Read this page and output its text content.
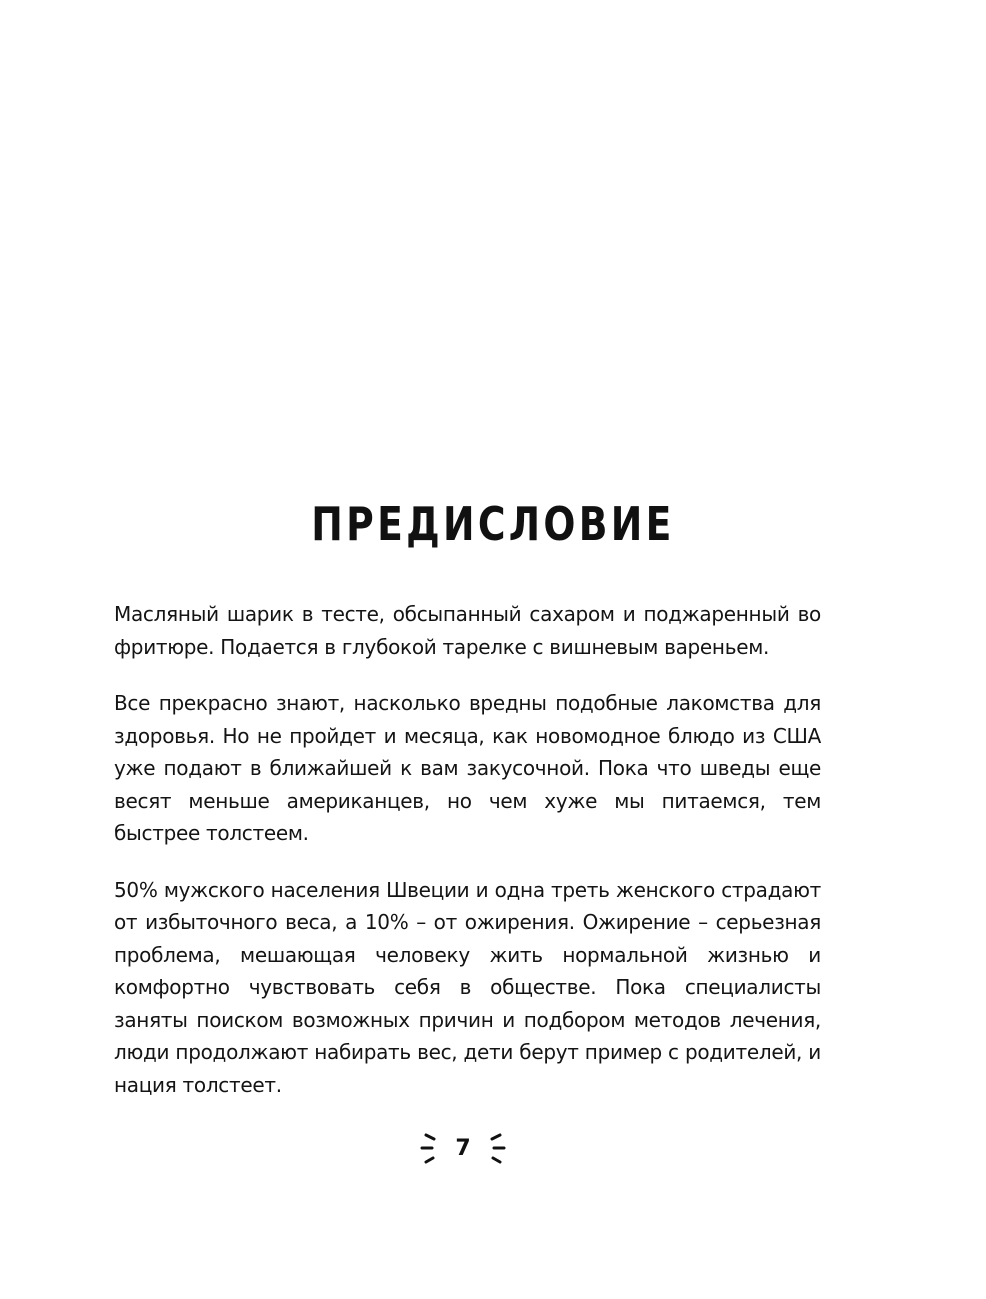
ПРЕДИСЛОВИЕ

Масляный шарик в тесте, обсыпанный сахаром и поджаренный во фритюре. Подается в глубокой тарелке с вишневым вареньем.

Все прекрасно знают, насколько вредны подобные лакомства для здоровья. Но не пройдет и месяца, как новомодное блюдо из США уже подают в ближайшей к вам закусочной. Пока что шведы еще весят меньше американцев, но чем хуже мы питаемся, тем быстрее толстеем.

50% мужского населения Швеции и одна треть женского страдают от избыточного веса, а 10% – от ожирения. Ожирение – серьезная проблема, мешающая человеку жить нормальной жизнью и комфортно чувствовать себя в обществе. Пока специалисты заняты поиском возможных причин и подбором методов лечения, люди продолжают набирать вес, дети берут пример с родителей, и нация толстеет.

7
